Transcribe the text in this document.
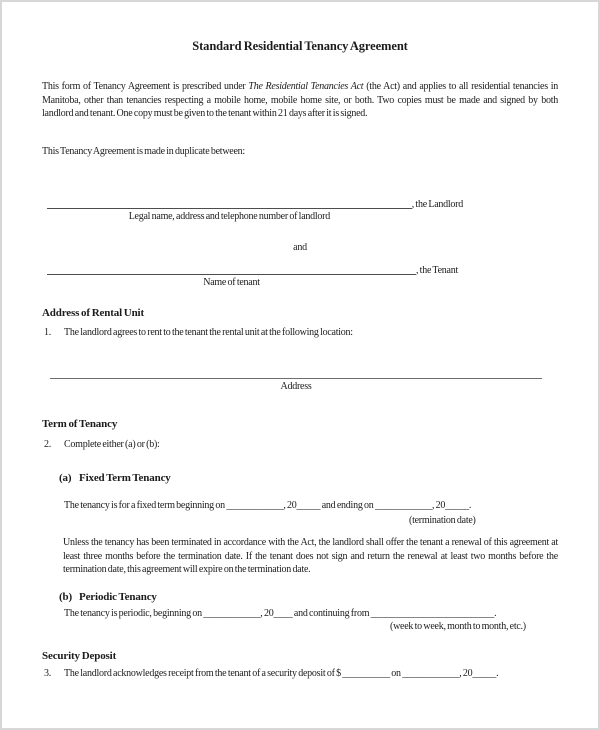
Standard Residential Tenancy Agreement
This form of Tenancy Agreement is prescribed under The Residential Tenancies Act (the Act) and applies to all residential tenancies in
Manitoba, other than tenancies respecting a mobile home, mobile home site, or both. Two copies must be made and signed by both
landlord and tenant. One copy must be given to the tenant within 21 days after it is signed.
This Tenancy Agreement is made in duplicate between:
Legal name, address and telephone number of landlord
, the Landlord
and
Name of tenant
, the Tenant
Address of Rental Unit
1.	The landlord agrees to rent to the tenant the rental unit at the following location:
Address
Term of Tenancy
2.	Complete either (a) or (b):
(a) Fixed Term Tenancy
The tenancy is for a fixed term beginning on ____________, 20_____ and ending on ____________, 20_____.
(termination date)
Unless the tenancy has been terminated in accordance with the Act, the landlord shall offer the tenant a renewal of this agreement at
least three months before the termination date. If the tenant does not sign and return the renewal at least two months before the
termination date, this agreement will expire on the termination date.
(b) Periodic Tenancy
The tenancy is periodic, beginning on ____________, 20____ and continuing from __________________________.
(week to week, month to month, etc.)
Security Deposit
3.	The landlord acknowledges receipt from the tenant of a security deposit of $ __________ on ____________, 20_____.
